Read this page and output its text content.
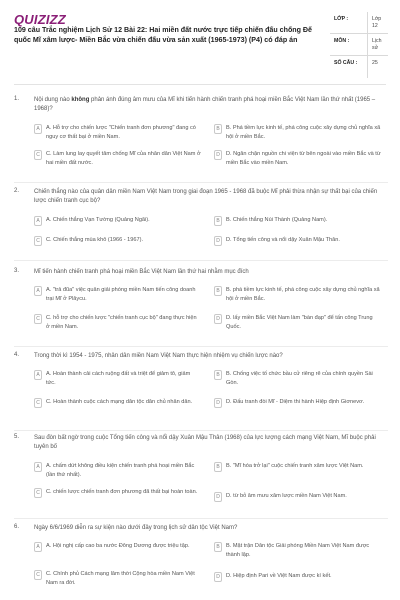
QUIZIZZ
109 câu Trắc nghiệm Lịch Sử 12 Bài 22: Hai miền đất nước trực tiếp chiến đấu chống Đế quốc Mĩ xâm lược- Miền Bắc vừa chiến đấu vừa sản xuất (1965-1973) (P4) có đáp án
LỚP :	Lớp 12
MÔN :	Lịch sử
SỐ CÂU :	25
1. Nội dung nào không phản ánh đúng âm mưu của Mĩ khi tiến hành chiến tranh phá hoại miền Bắc Việt Nam lần thứ nhất (1965 – 1968)?
A	A. Hỗ trợ cho chiến lược "Chiến tranh đơn phương" đang có nguy cơ thất bại ở miền Nam.
B	B. Phá tiềm lực kinh tế, phá công cuộc xây dựng chủ nghĩa xã hội ở miền Bắc.
C	C. Làm lung lay quyết tâm chống Mĩ của nhân dân Việt Nam ở hai miền đất nước.
D	D. Ngăn chặn nguồn chi viện từ bên ngoài vào miền Bắc và từ miền Bắc vào miền Nam.
2. Chiến thắng nào của quân dân miền Nam Việt Nam trong giai đoạn 1965 - 1968 đã buộc Mĩ phải thừa nhận sự thất bại của chiến lược chiến tranh cục bộ?
A	A. Chiến thắng Vạn Tường (Quảng Ngãi).	B	B. Chiến thắng Núi Thành (Quảng Nam).
C	C. Chiến thắng mùa khô (1966 - 1967).	D	D. Tổng tiến công và nổi dậy Xuân Mậu Thân.
3. Mĩ tiến hành chiến tranh phá hoại miền Bắc Việt Nam lần thứ hai nhằm mục đích
A	A. "trả đũa" việc quân giải phóng miền Nam tiến công doanh trại Mĩ ở Plâycu.
B	B. phá tiềm lực kinh tế, phá công cuộc xây dựng chủ nghĩa xã hội ở miền Bắc.
C	C. hỗ trợ cho chiến lược "chiến tranh cục bộ" đang thực hiện ở miền Nam.
D	D. lấy miền Bắc Việt Nam làm "bàn đạp" để tấn công Trung Quốc.
4. Trong thời kì 1954 - 1975, nhân dân miền Nam Việt Nam thực hiện nhiệm vụ chiến lược nào?
A	A. Hoàn thành cải cách ruộng đất và triệt để giảm tô, giảm tức.
B	B. Chống việc tố chức bầu cử riêng rẽ của chính quyền Sài Gòn.
C	C. Hoàn thành cuộc cách mạng dân tộc dân chủ nhân dân.	D	D. Đấu tranh đòi Mĩ - Diệm thi hành Hiệp định Giơnevơ.
5. Sau đòn bất ngờ trong cuộc Tổng tiến công và nổi dậy Xuân Mậu Thân (1968) của lực lượng cách mạng Việt Nam, Mĩ buộc phải tuyên bố
A	A. chấm dứt không điều kiện chiến tranh phá hoại miền Bắc (lần thứ nhất).
B	B. "Mĩ hóa trở lại" cuộc chiến tranh xâm lược Việt Nam.
C	C. chiến lược chiến tranh đơn phương đã thất bại hoàn toàn.
D	D. từ bỏ âm mưu xâm lược miền Nam Việt Nam.
6. Ngày 6/6/1969 diễn ra sự kiện nào dưới đây trong lịch sử dân tộc Việt Nam?
A	A. Hội nghị cấp cao ba nước Đông Dương được triệu tập.	B	B. Mặt trận Dân tộc Giải phóng Miền Nam Việt Nam được thành lập.
C	C. Chính phủ Cách mạng lâm thời Cộng hòa miền Nam Việt Nam ra đời.
D	D. Hiệp định Pari về Việt Nam được kí kết.
